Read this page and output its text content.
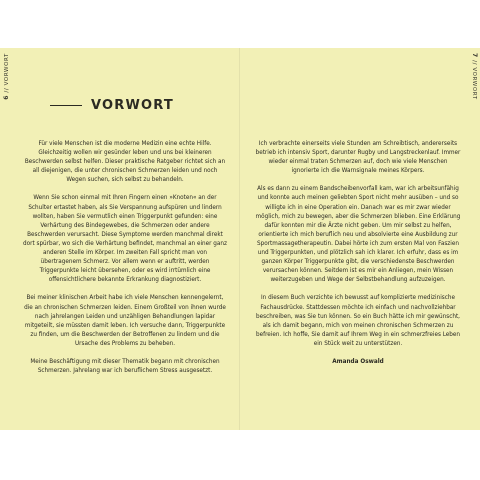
6 // VORWORT	7 // VORWORT
VORWORT

Für viele Menschen ist die moderne Medizin eine echte Hilfe. Gleichzeitig wollen wir gesünder leben und uns bei kleineren Beschwerden selbst helfen. Dieser praktische Ratgeber richtet sich an all diejenigen, die unter chronischen Schmerzen leiden und noch Wegen suchen, sich selbst zu behandeln.

Wenn Sie schon einmal mit Ihren Fingern einen »Knoten« an der Schulter ertastet haben, als Sie Verspannung aufspüren und lindern wollten, haben Sie vermutlich einen Triggerpunkt gefunden: eine Verhärtung des Bindegewebes, die Schmerzen oder andere Beschwerden verursacht. Diese Symptome werden manchmal direkt dort spürbar, wo sich die Verhärtung befindet, manchmal an einer ganz anderen Stelle im Körper. Im zweiten Fall spricht man von übertragenem Schmerz. Vor allem wenn er auftritt, werden Triggerpunkte leicht übersehen, oder es wird irrtümlich eine offensichtlichere bekannte Erkrankung diagnostiziert.

Bei meiner klinischen Arbeit habe ich viele Menschen kennengelernt, die an chronischen Schmerzen leiden. Einem Großteil von ihnen wurde nach jahrelangen Leiden und unzähligen Behandlungen lapidar mitgeteilt, sie müssten damit leben. Ich versuche dann, Triggerpunkte zu finden, um die Beschwerden der Betroffenen zu lindern und die Ursache des Problems zu beheben.

Meine Beschäftigung mit dieser Thematik begann mit chronischen Schmerzen. Jahrelang war ich beruflichem Stress ausgesetzt.

Ich verbrachte einerseits viele Stunden am Schreibtisch, andererseits betrieb ich intensiv Sport, darunter Rugby und Langstreckenlauf. Immer wieder einmal traten Schmerzen auf, doch wie viele Menschen ignorierte ich die Warnsignale meines Körpers.

Als es dann zu einem Bandscheibenvorfall kam, war ich arbeitsunfähig und konnte auch meinen geliebten Sport nicht mehr ausüben – und so willigte ich in eine Operation ein. Danach war es mir zwar wieder möglich, mich zu bewegen, aber die Schmerzen blieben. Eine Erklärung dafür konnten mir die Ärzte nicht geben. Um mir selbst zu helfen, orientierte ich mich beruflich neu und absolvierte eine Ausbildung zur Sportmassagetherapeutin. Dabei hörte ich zum ersten Mal von Faszien und Triggerpunkten, und plötzlich sah ich klarer. Ich erfuhr, dass es im ganzen Körper Triggerpunkte gibt, die verschiedenste Beschwerden verursachen können. Seitdem ist es mir ein Anliegen, mein Wissen weiterzugeben und Wege der Selbstbehandlung aufzuzeigen.

In diesem Buch verzichte ich bewusst auf komplizierte medizinische Fachausdrücke. Stattdessen möchte ich einfach und nachvollziehbar beschreiben, was Sie tun können. So ein Buch hätte ich mir gewünscht, als ich damit begann, mich von meinen chronischen Schmerzen zu befreien. Ich hoffe, Sie damit auf Ihrem Weg in ein schmerzfreies Leben ein Stück weit zu unterstützen.

Amanda Oswald
